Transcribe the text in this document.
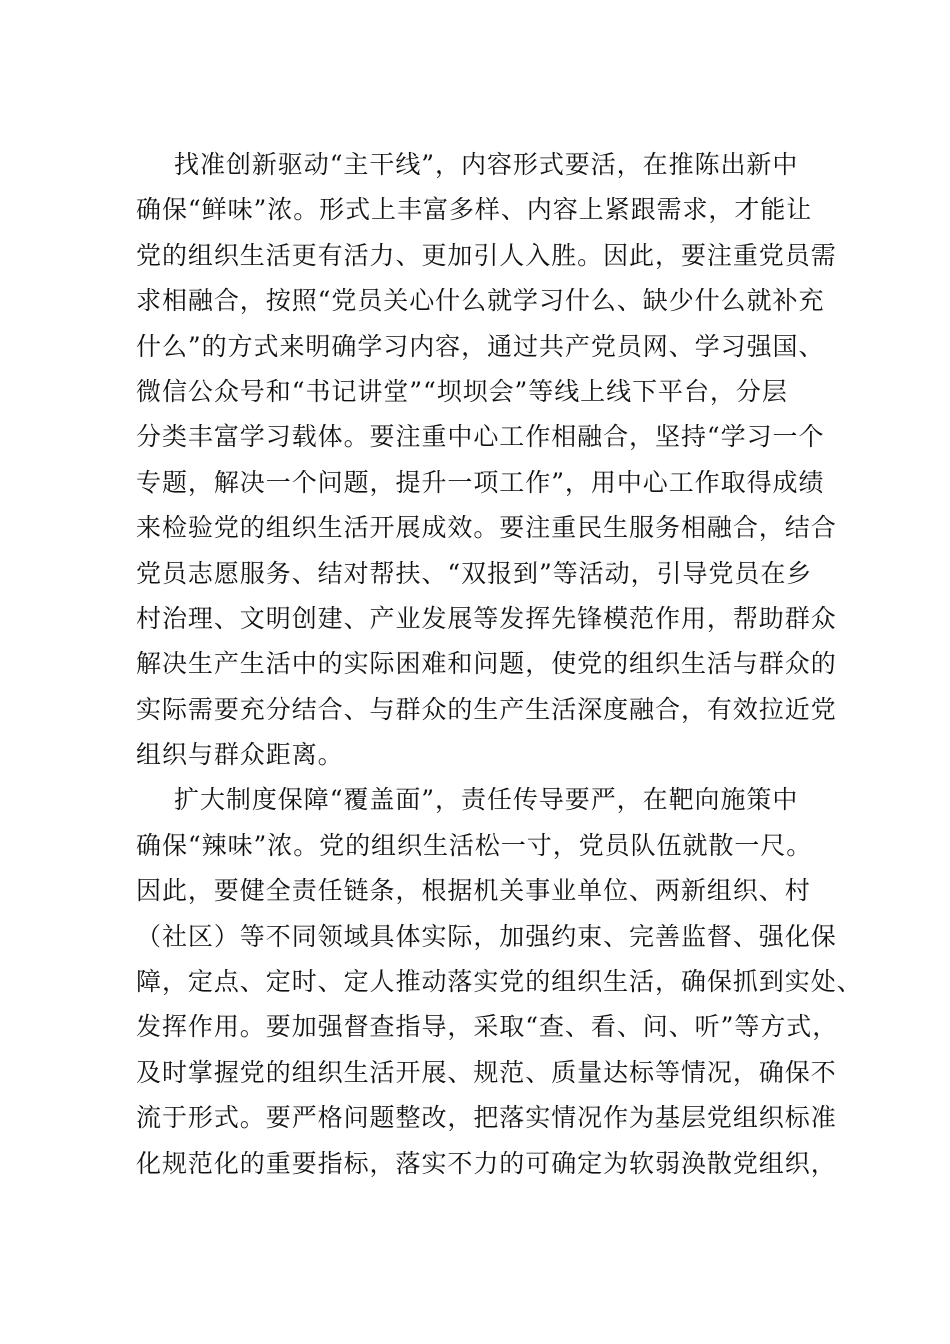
找准创新驱动“主干线”，内容形式要活，在推陈出新中
确保“鲜味”浓。形式上丰富多样、内容上紧跟需求，才能让
党的组织生活更有活力、更加引人入胜。因此，要注重党员需
求相融合，按照“党员关心什么就学习什么、缺少什么就补充
什么”的方式来明确学习内容，通过共产党员网、学习强国、
微信公众号和“书记讲堂”“坝坝会”等线上线下平台，分层
分类丰富学习载体。要注重中心工作相融合，坚持“学习一个
专题，解决一个问题，提升一项工作”，用中心工作取得成绩
来检验党的组织生活开展成效。要注重民生服务相融合，结合
党员志愿服务、结对帮扶、“双报到”等活动，引导党员在乡
村治理、文明创建、产业发展等发挥先锋模范作用，帮助群众
解决生产生活中的实际困难和问题，使党的组织生活与群众的
实际需要充分结合、与群众的生产生活深度融合，有效拉近党
组织与群众距离。
扩大制度保障“覆盖面”，责任传导要严，在靶向施策中
确保“辣味”浓。党的组织生活松一寸，党员队伍就散一尺。
因此，要健全责任链条，根据机关事业单位、两新组织、村
（社区）等不同领域具体实际，加强约束、完善监督、强化保
障，定点、定时、定人推动落实党的组织生活，确保抓到实处、
发挥作用。要加强督查指导，采取“查、看、问、听”等方式，
及时掌握党的组织生活开展、规范、质量达标等情况，确保不
流于形式。要严格问题整改，把落实情况作为基层党组织标准
化规范化的重要指标，落实不力的可确定为软弱涣散党组织，
